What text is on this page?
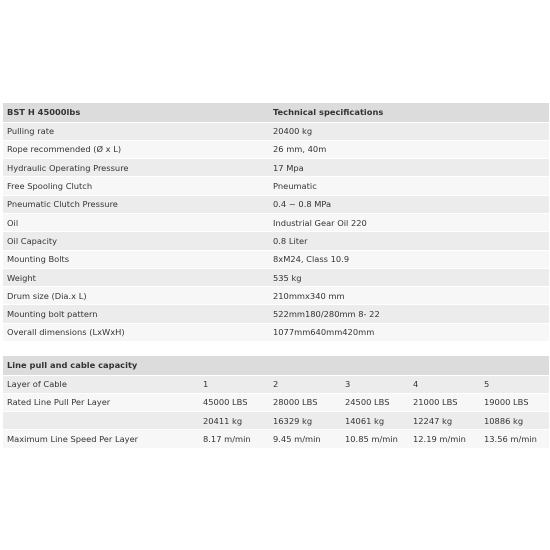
BST H 45000lbs	Technical specifications
Pulling rate	20400 kg
Rope recommended (Ø x L)	26 mm, 40m
Hydraulic Operating Pressure	17 Mpa
Free Spooling Clutch	Pneumatic
Pneumatic Clutch Pressure	0.4 ~ 0.8 MPa
Oil	Industrial Gear Oil 220
Oil Capacity	0.8 Liter
Mounting Bolts	8xM24, Class 10.9
Weight	535 kg
Drum size (Dia.x L)	210mmx340 mm
Mounting bolt pattern	522mm180/280mm 8- 22
Overall dimensions (LxWxH)	1077mm640mm420mm
Line pull and cable capacity					
Layer of Cable	1	2	3	4	5
Rated Line Pull Per Layer	45000 LBS	28000 LBS	24500 LBS	21000 LBS	19000 LBS
	20411 kg	16329 kg	14061 kg	12247 kg	10886 kg
Maximum Line Speed Per Layer	8.17 m/min	9.45 m/min	10.85 m/min	12.19 m/min	13.56 m/min
